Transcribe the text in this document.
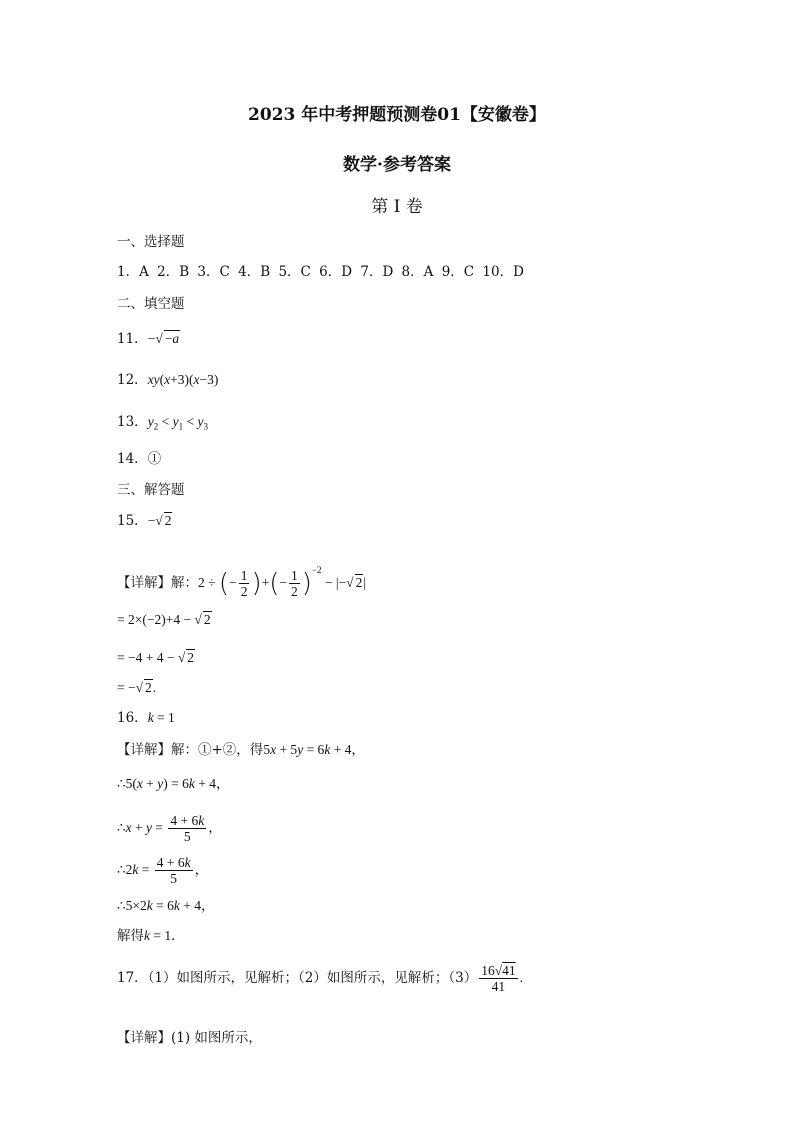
2023 年中考押题预测卷01【安徽卷】
数学·参考答案
第 I 卷
一、选择题
1．A 2．B 3．C 4．B 5．C 6．D 7．D 8．A 9．C 10．D
二、填空题
11．−√ −a
12．xy(x+3)(x−3)
13．$y_2 < y_1 < y_3$
14．①
三、解答题
15．−√ 2
【详解】解：2 ÷ (− $\frac{1}{2}$ )+(− $\frac{1}{2} )^{-2}$ − |−√ 2|
= 2×(−2)+4 − √ 2
= −4 + 4 − √ 2
= −√ 2.
16．k = 1
【详解】解：①+②，得5x + 5y = 6k + 4，
∴5(x + y) = 6k + 4，
∴x + $y = \frac{4 + 6k}{5}$ ，
∴2k = $\frac{4 + 6k}{5}$ ，
∴5×2k = 6k + 4，
解得k = 1．
17．（1）如图所示，见解析；（2）如图所示，见解析；$(3) \frac{16√41}{41}$ .
【详解】(1) 如图所示，
